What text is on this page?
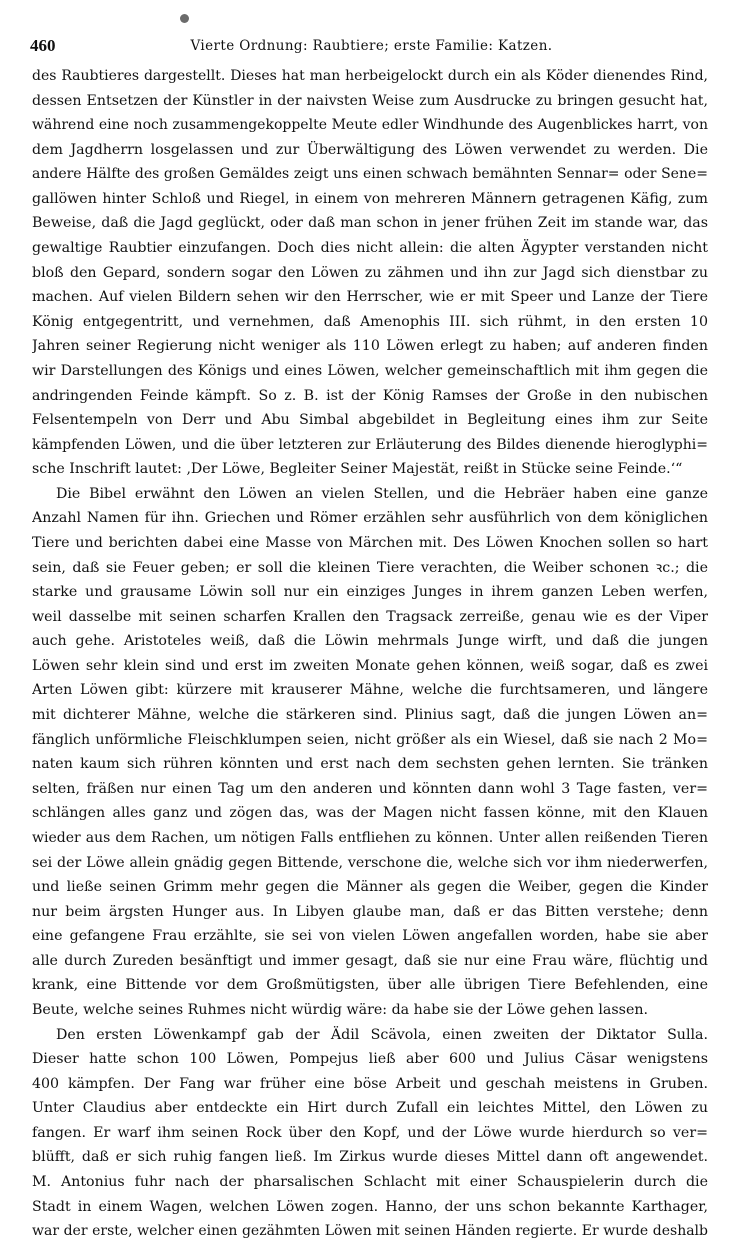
460	Vierte Ordnung: Raubtiere; erste Familie: Katzen.
des Raubtieres dargestellt. Dieses hat man herbeigelockt durch ein als Köder dienendes Rind,
dessen Entsetzen der Künstler in der naivsten Weise zum Ausdrucke zu bringen gesucht hat,
während eine noch zusammengekoppelte Meute edler Windhunde des Augenblickes harrt, von
dem Jagdherrn losgelassen und zur Überwältigung des Löwen verwendet zu werden. Die
andere Hälfte des großen Gemäldes zeigt uns einen schwach bemähnten Sennar= oder Sene=
gallöwen hinter Schloß und Riegel, in einem von mehreren Männern getragenen Käfig, zum
Beweise, daß die Jagd geglückt, oder daß man schon in jener frühen Zeit im stande war, das
gewaltige Raubtier einzufangen. Doch dies nicht allein: die alten Ägypter verstanden nicht
bloß den Gepard, sondern sogar den Löwen zu zähmen und ihn zur Jagd sich dienstbar zu
machen. Auf vielen Bildern sehen wir den Herrscher, wie er mit Speer und Lanze der Tiere
König entgegentritt, und vernehmen, daß Amenophis III. sich rühmt, in den ersten 10
Jahren seiner Regierung nicht weniger als 110 Löwen erlegt zu haben; auf anderen finden
wir Darstellungen des Königs und eines Löwen, welcher gemeinschaftlich mit ihm gegen die
andringenden Feinde kämpft. So z. B. ist der König Ramses der Große in den nubischen
Felsentempeln von Derr und Abu Simbal abgebildet in Begleitung eines ihm zur Seite
kämpfenden Löwen, und die über letzteren zur Erläuterung des Bildes dienende hieroglyphi=
sche Inschrift lautet: ‚Der Löwe, Begleiter Seiner Majestät, reißt in Stücke seine Feinde.‘“
Die Bibel erwähnt den Löwen an vielen Stellen, und die Hebräer haben eine ganze
Anzahl Namen für ihn. Griechen und Römer erzählen sehr ausführlich von dem königlichen
Tiere und berichten dabei eine Masse von Märchen mit. Des Löwen Knochen sollen so hart
sein, daß sie Feuer geben; er soll die kleinen Tiere verachten, die Weiber schonen ꝛc.; die
starke und grausame Löwin soll nur ein einziges Junges in ihrem ganzen Leben werfen,
weil dasselbe mit seinen scharfen Krallen den Tragsack zerreiße, genau wie es der Viper
auch gehe. Aristoteles weiß, daß die Löwin mehrmals Junge wirft, und daß die jungen
Löwen sehr klein sind und erst im zweiten Monate gehen können, weiß sogar, daß es zwei
Arten Löwen gibt: kürzere mit krauserer Mähne, welche die furchtsameren, und längere
mit dichterer Mähne, welche die stärkeren sind. Plinius sagt, daß die jungen Löwen an=
fänglich unförmliche Fleischklumpen seien, nicht größer als ein Wiesel, daß sie nach 2 Mo=
naten kaum sich rühren könnten und erst nach dem sechsten gehen lernten. Sie tränken
selten, fräßen nur einen Tag um den anderen und könnten dann wohl 3 Tage fasten, ver=
schlängen alles ganz und zögen das, was der Magen nicht fassen könne, mit den Klauen
wieder aus dem Rachen, um nötigen Falls entfliehen zu können. Unter allen reißenden Tieren
sei der Löwe allein gnädig gegen Bittende, verschone die, welche sich vor ihm niederwerfen,
und ließe seinen Grimm mehr gegen die Männer als gegen die Weiber, gegen die Kinder
nur beim ärgsten Hunger aus. In Libyen glaube man, daß er das Bitten verstehe; denn
eine gefangene Frau erzählte, sie sei von vielen Löwen angefallen worden, habe sie aber
alle durch Zureden besänftigt und immer gesagt, daß sie nur eine Frau wäre, flüchtig und
krank, eine Bittende vor dem Großmütigsten, über alle übrigen Tiere Befehlenden, eine
Beute, welche seines Ruhmes nicht würdig wäre: da habe sie der Löwe gehen lassen.
Den ersten Löwenkampf gab der Ädil Scävola, einen zweiten der Diktator Sulla.
Dieser hatte schon 100 Löwen, Pompejus ließ aber 600 und Julius Cäsar wenigstens
400 kämpfen. Der Fang war früher eine böse Arbeit und geschah meistens in Gruben.
Unter Claudius aber entdeckte ein Hirt durch Zufall ein leichtes Mittel, den Löwen zu
fangen. Er warf ihm seinen Rock über den Kopf, und der Löwe wurde hierdurch so ver=
blüfft, daß er sich ruhig fangen ließ. Im Zirkus wurde dieses Mittel dann oft angewendet.
M. Antonius fuhr nach der pharsalischen Schlacht mit einer Schauspielerin durch die
Stadt in einem Wagen, welchen Löwen zogen. Hanno, der uns schon bekannte Karthager,
war der erste, welcher einen gezähmten Löwen mit seinen Händen regierte. Er wurde deshalb
